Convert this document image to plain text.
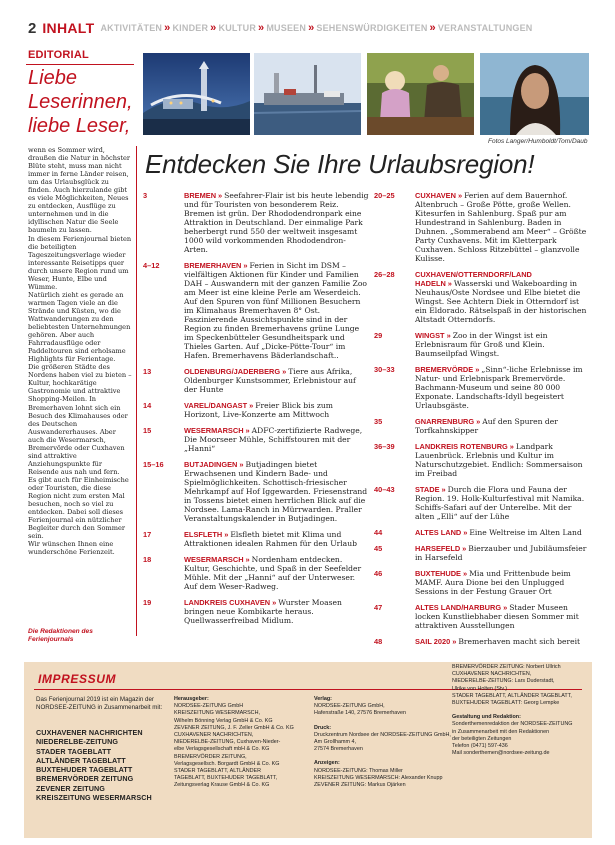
2 INHALT AKTIVITÄTEN » KINDER » KULTUR » MUSEEN » SEHENSWÜRDIGKEITEN » VERANSTALTUNGEN
EDITORIAL
Liebe Leserinnen, liebe Leser,

wenn es Sommer wird, draußen die Natur in höchster Blüte steht, muss man nicht immer in ferne Länder reisen, um das Urlaubsglück zu finden. Auch hierzulande gibt es viele Möglichkeiten, Neues zu entdecken, Ausflüge zu unternehmen und in die idyllischen Natur die Seele baumeln zu lassen.

In diesem Ferienjournal bieten die beteiligten Tageszeitungsverlage wieder interessante Reisetipps quer durch unsere Region rund um Weser, Hunte, Elbe und Wümme.

Natürlich zieht es gerade an warmen Tagen viele an die Strände und Küsten, wo die Wattwanderungen zu den beliebtesten Unternehmungen gehören. Aber auch Fahrradausflüge oder Paddeltouren sind erholsame Highlights für Ferientage.

Die größeren Städte des Nordens haben viel zu bieten – Kultur, hochkarätige Gastronomie und attraktive Shopping-Meilen. In Bremerhaven lohnt sich ein Besuch des Klimahauses oder des Deutschen Auswandererhauses. Aber auch die Wesermarsch, Bremervörde oder Cuxhaven sind attraktive Anziehungspunkte für Reisende aus nah und fern.

Es gibt auch für Einheimische oder Touristen, die diese Region nicht zum ersten Mal besuchen, noch so viel zu entdecken. Dabei soll dieses Ferienjournal ein nützlicher Begleiter durch den Sommer sein.

Wir wünschen Ihnen eine wunderschöne Ferienzeit.

Die Redaktionen des Ferienjournals
Fotos Langer/Humboldt/Tom/Daub
Entdecken Sie Ihre Urlaubsregion!
3	BREMEN » Seefahrer-Flair ist bis heute lebendig und für Touristen von besonderem Reiz. Bremen ist grün. Der Rhododendronpark eine Attraktion in Deutschland. Der einmalige Park beherbergt rund 550 der weltweit insgesamt 1000 wild vorkommenden Rhododendron-Arten.
4–12	BREMERHAVEN » Ferien in Sicht im DSM – vielfältigen Aktionen für Kinder und Familien DAH – Auswandern mit der ganzen Familie Zoo am Meer ist eine kleine Perle am Weserdeich. Auf den Spuren von fünf Millionen Besuchern im Klimahaus Bremerhaven 8° Ost. Faszinierende Aussichtspunkte sind in der Region zu finden Bremerhavens grüne Lunge im Speckenbütteler Gesundheitspark und Thieles Garten. Auf „Dicke-Pötte-Tour“ im Hafen. Bremerhavens Bäderlandschaft..
13	OLDENBURG/JADERBERG » Tiere aus Afrika, Oldenburger Kunstsommer, Erlebnistour auf der Hunte
14	VAREL/DANGAST » Freier Blick bis zum Horizont, Live-Konzerte am Mittwoch
15	WESERMARSCH » ADFC-zertifizierte Radwege, Die Moorseer Mühle, Schiffstouren mit der „Hanni“
15–16	BUTJADINGEN » Butjadingen bietet Erwachsenen und Kindern Bade- und Spielmöglichkeiten. Schottisch-friesischer Mehrkampf auf Hof Iggewarden. Friesenstrand in Tossens bietet einen herrlichen Blick auf die Nordsee. Lama-Ranch in Mürrwarden. Praller Veranstaltungskalender in Butjadingen.
17	ELSFLETH » Elsfleth bietet mit Klima und Attraktionen idealen Rahmen für den Urlaub
18	WESERMARSCH » Nordenham entdecken. Kultur, Geschichte, und Spaß in der Seefelder Mühle. Mit der „Hanni“ auf der Unterweser. Auf dem Weser-Radweg.
19	LANDKREIS CUXHAVEN » Wurster Moasen bringen neue Kombikarte heraus. Quellwasserfreibad Midlum.
20–25	CUXHAVEN » Ferien auf dem Bauernhof. Altenbruch – Große Pötte, große Wellen. Kitesurfen in Sahlenburg. Spaß pur am Hundestrand in Sahlenburg. Baden in Duhnen. „Sommerabend am Meer“ – Größte Party Cuxhavens. Mit im Kletterpark Cuxhaven. Schloss Ritzebüttel – glanzvolle Kulisse.
26–28	CUXHAVEN/OTTERNDORF/LAND HADELN » Wasserski und Wakeboarding in Neuhaus/Oste Nordsee und Elbe bietet die Wingst. See Achtern Diek in Otterndorf ist ein Eldorado. Rätselspaß in der historischen Altstadt Otterndorfs.
29	WINGST » Zoo in der Wingst ist ein Erlebnisraum für Groß und Klein. Baumseilpfad Wingst.
30–33	BREMERVÖRDE » „Sinn“-liche Erlebnisse im Natur- und Erlebnispark Bremervörde. Bachmann-Museum und seine 80 000 Exponate. Landschafts-Idyll begeistert Urlaubsgäste.
35	GNARRENBURG » Auf den Spuren der Torfkahnskipper
36–39	LANDKREIS ROTENBURG » Landpark Lauenbrück. Erlebnis und Kultur im Naturschutzgebiet. Endlich: Sommersaison im Freibad
40–43	STADE » Durch die Flora und Fauna der Region. 19. Holk-Kulturfestival mit Namika. Schiffs-Safari auf der Unterelbe. Mit der alten „Elli“ auf der Lühe
44	ALTES LAND » Eine Weltreise im Alten Land
45	HARSEFELD » Bierzauber und Jubiläumsfeier in Harsefeld
46	BUXTEHUDE » Mia und Frittenbude beim MAMF. Aura Dione bei den Unplugged Sessions in der Festung Grauer Ort
47	ALTES LAND/HARBURG » Stader Museen locken Kunstliebhaber diesen Sommer mit attraktiven Ausstellungen
48	SAIL 2020 » Bremerhaven macht sich bereit
IMPRESSUM
Das Ferienjournal 2019 ist ein Magazin der NORDSEE-ZEITUNG in Zusammenarbeit mit:
CUXHAVENER NACHRICHTEN
NIEDERELBE-ZEITUNG
STADER TAGEBLATT
ALTLÄNDER TAGEBLATT
BUXTEHUDER TAGEBLATT
BREMERVÖRDER ZEITUNG
ZEVENER ZEITUNG
KREISZEITUNG WESERMARSCH
Herausgeber:
NORDSEE-ZEITUNG GmbH
KREISZEITUNG WESERMARSCH,
Wilhelm Bönning Verlag GmbH & Co. KG
ZEVENER ZEITUNG, J. F. Zeller GmbH & Co. KG
CUXHAVENER NACHRICHTEN,
NIEDERELBE-ZEITUNG, Cuxhaven-Nieder-
elbe Verlagsgesellschaft mbH & Co. KG
BREMERVÖRDER ZEITUNG,
Verlagsgesellsch. Borgardt GmbH & Co. KG
STADER TAGEBLATT, ALTLÄNDER
TAGEBLATT, BUXTEHUDER TAGEBLATT,
Zeitungsverlag Krause GmbH & Co. KG
Verlag:
NORDSEE-ZEITUNG GmbH,
Hafenstraße 140, 27576 Bremerhaven
Druck:
Druckzentrum Nordsee der NORDSEE-ZEITUNG GmbH,
Am Grollhamm 4,
27574 Bremerhaven
Anzeigen:
NORDSEE-ZEITUNG: Thomas Miller
KREISZEITUNG WESERMARSCH: Alexander Knupp
ZEVENER ZEITUNG: Markus Ojärken
BREMERVÖRDER ZEITUNG: Norbert Ullrich
CUXHAVENER NACHRICHTEN,
NIEDERELBE-ZEITUNG: Lars Duderstadt,
Ulrike von Holten (Stv.)
STADER TAGEBLATT, ALTLÄNDER TAGEBLATT,
BUXTEHUDER TAGEBLATT: Georg Lempke
Gestaltung und Redaktion:
Sonderthemenredaktion der NORDSEE-ZEITUNG
in Zusammenarbeit mit den Redaktionen
der beteiligten Zeitungen
Telefon (0471) 597-436
Mail sonderthemen@nordsee-zeitung.de
